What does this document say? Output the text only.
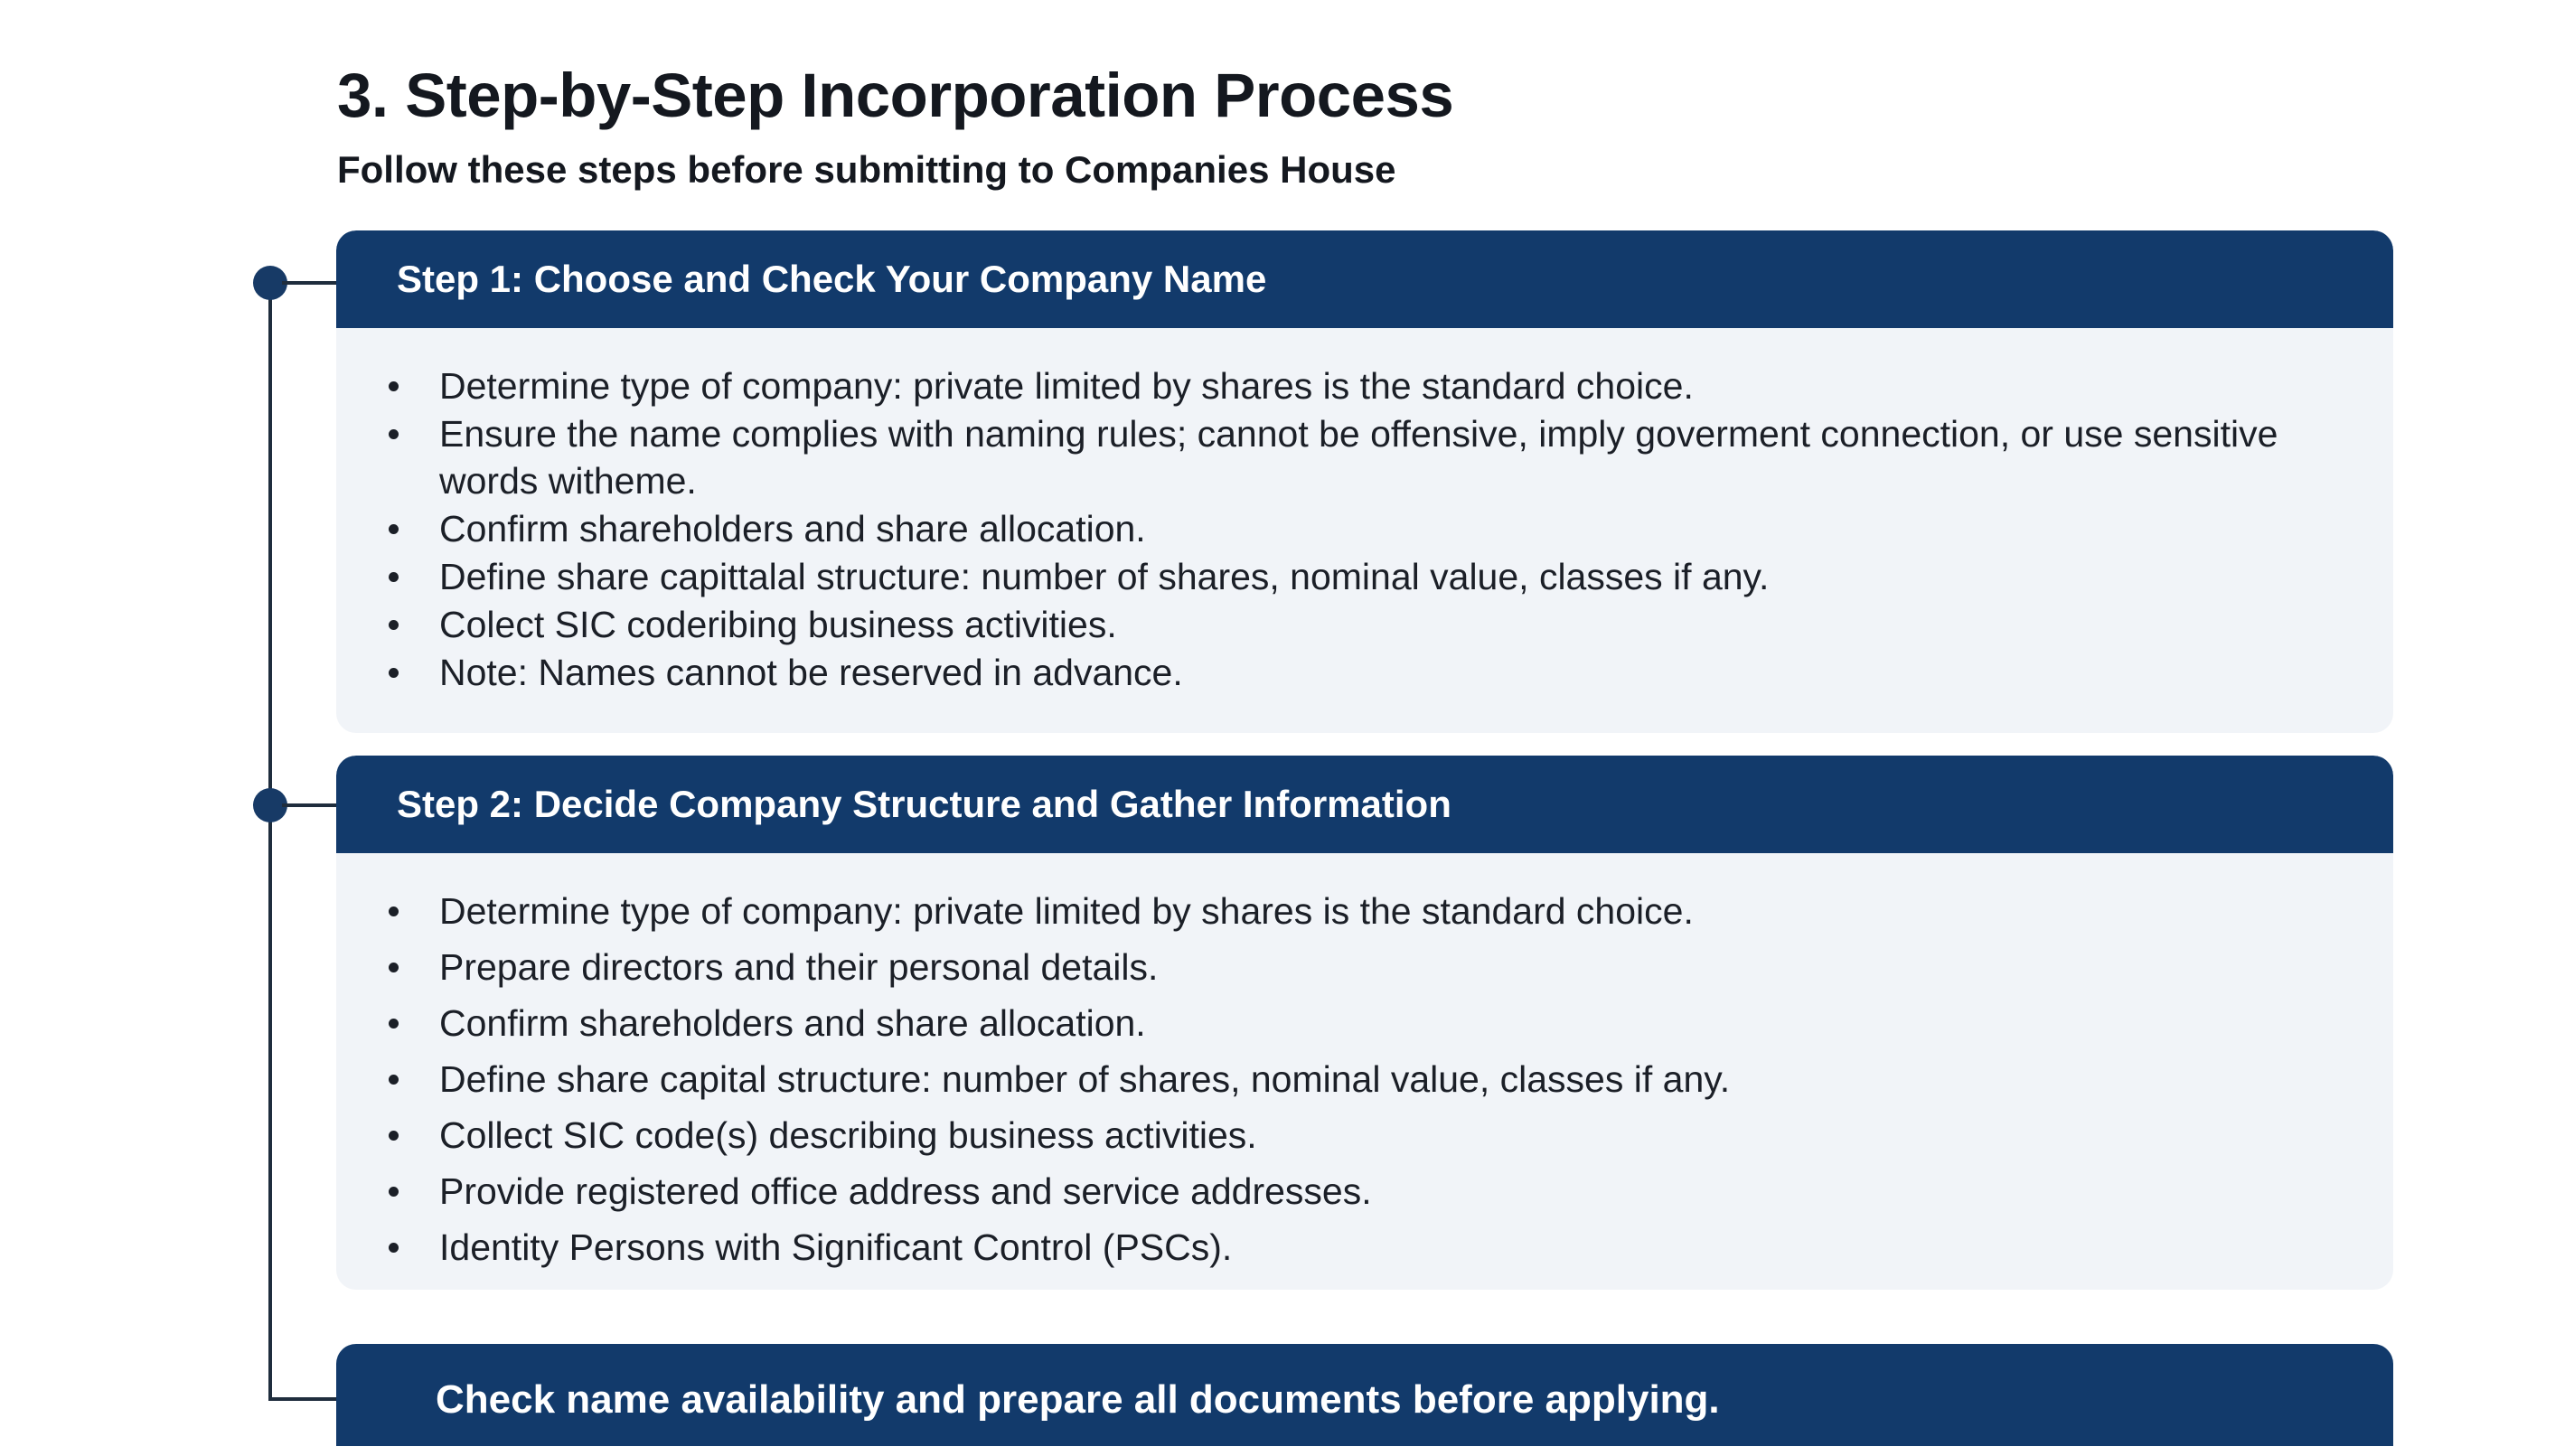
3. Step-by-Step Incorporation Process
Follow these steps before submitting to Companies House
Step 1: Choose and Check Your Company Name
Determine type of company: private limited by shares is the standard choice.
Ensure the name complies with naming rules; cannot be offensive, imply goverment connection, or use sensitive words witheme.
Confirm shareholders and share allocation.
Define share capittalal structure: number of shares, nominal value, classes if any.
Colect SIC coderibing business activities.
Note: Names cannot be reserved in advance.
Step 2: Decide Company Structure and Gather Information
Determine type of company: private limited by shares is the standard choice.
Prepare directors and their personal details.
Confirm shareholders and share allocation.
Define share capital structure: number of shares, nominal value, classes if any.
Collect SIC code(s) describing business activities.
Provide registered office address and service addresses.
Identity Persons with Significant Control (PSCs).
Check name availability and prepare all documents before applying.
